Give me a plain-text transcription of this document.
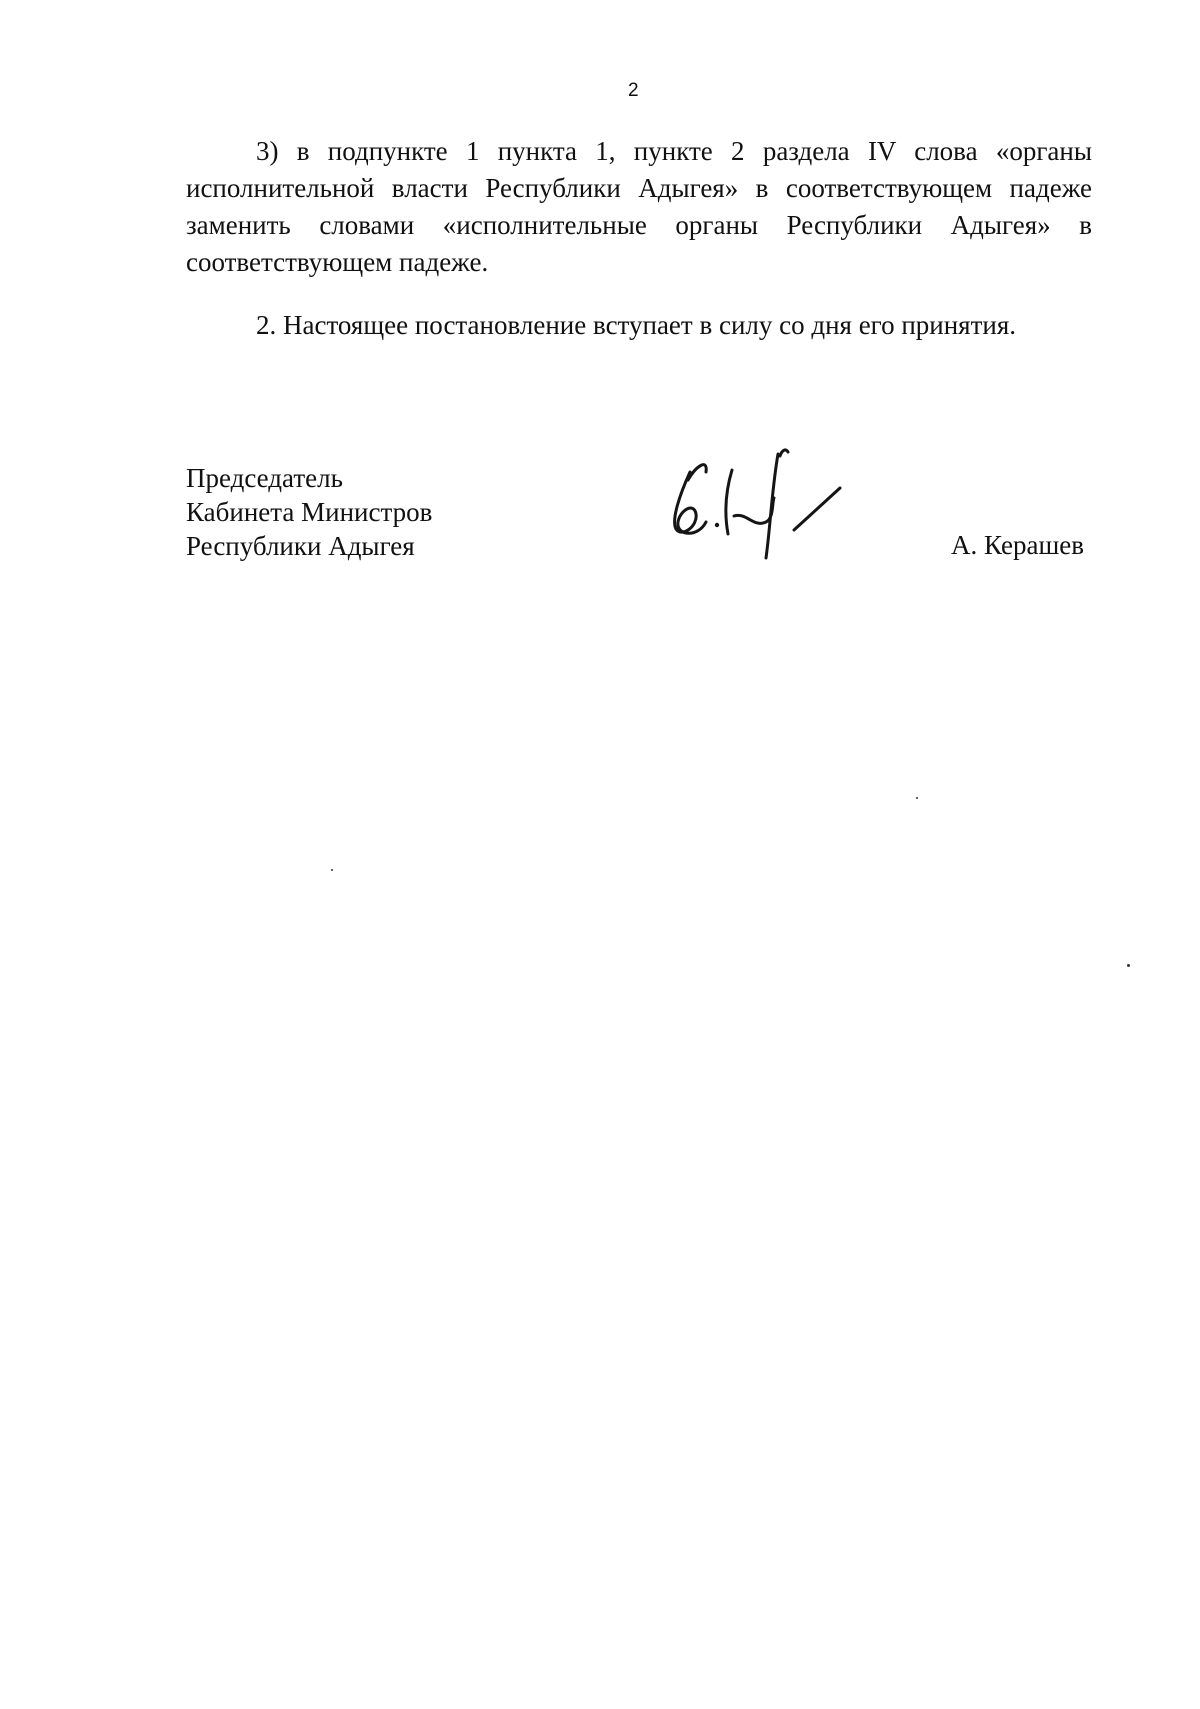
2

3) в подпункте 1 пункта 1, пункте 2 раздела IV слова «органы исполнительной власти Республики Адыгея» в соответствующем падеже заменить словами «исполнительные органы Республики Адыгея» в соответствующем падеже.

2. Настоящее постановление вступает в силу со дня его принятия.

Председатель
Кабинета Министров
Республики Адыгея	А. Керашев
